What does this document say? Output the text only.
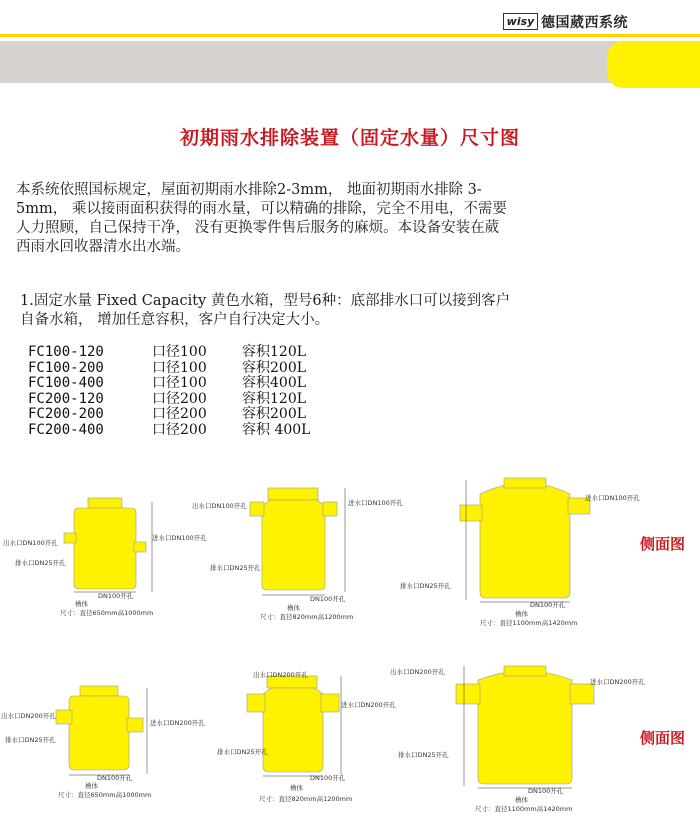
wisy 德国葳西系统
初期雨水排除装置（固定水量）尺寸图
本系统依照国标规定，屋面初期雨水排除2-3mm， 地面初期雨水排除 3-
5mm， 乘以接雨面积获得的雨水量，可以精确的排除，完全不用电，不需要
人力照顾，自己保持干净， 没有更换零件售后服务的麻烦。本设备安装在葳
西雨水回收器清水出水端。
1.固定水量 Fixed Capacity 黄色水箱，型号6种：底部排水口可以接到客户
自备水箱， 增加任意容积，客户自行决定大小。
FC100-120	口径100	容积120L
FC100-200	口径100	容积200L
FC100-400	口径100	容积400L
FC200-120	口径200	容积120L
FC200-200	口径200	容积200L
FC200-400	口径200	容积 400L
侧面图
侧面图
出水口DN100开孔
进水口DN100开孔
排水口DN25开孔
DN100开孔
槽体
尺寸：直径650mm高1000mm
出水口DN100开孔	进水口DN100开孔
排水口DN25开孔
DN100开孔
槽体
尺寸：直径820mm高1200mm
进水口DN100开孔
排水口DN25开孔
DN100开孔
槽体
尺寸：直径1100mm高1420mm
出水口DN200开孔
进水口DN200开孔
排水口DN25开孔
DN100开孔
槽体
尺寸：直径650mm高1000mm
出水口DN200开孔
进水口DN200开孔
排水口DN25开孔
DN100开孔
槽体
尺寸：直径820mm高1200mm
出水口DN200开孔
进水口DN200开孔
排水口DN25开孔
DN100开孔
槽体
尺寸：直径1100mm高1420mm
